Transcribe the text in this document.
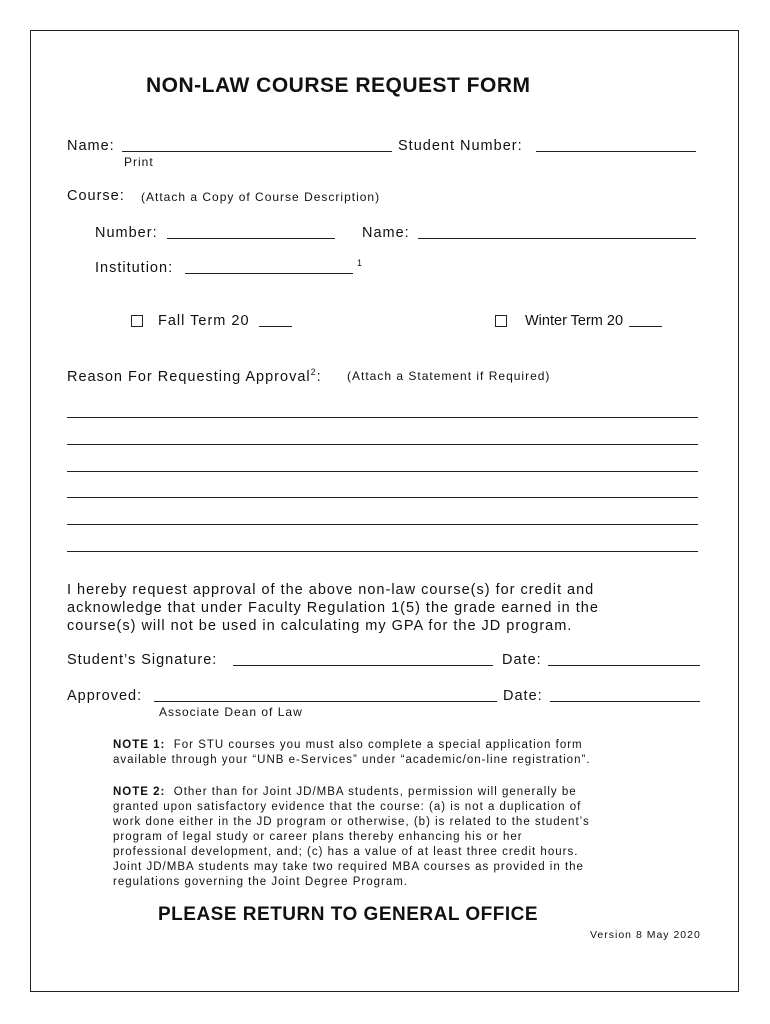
NON-LAW COURSE REQUEST FORM
Name:
Print
Student Number:
Course: (Attach a Copy of Course Description)
Number:	Name:
Institution:	1
Fall Term 20	Winter Term 20
Reason For Requesting Approval$^2$: (Attach a Statement if Required)
I hereby request approval of the above non-law course(s) for credit and
acknowledge that under Faculty Regulation 1(5) the grade earned in the
course(s) will not be used in calculating my GPA for the JD program.
Student’s Signature:	Date:
Approved:
Associate Dean of Law
Date:
NOTE 1: For STU courses you must also complete a special application form
available through your “UNB e-Services” under “academic/on-line registration”.
NOTE 2: Other than for Joint JD/MBA students, permission will generally be
granted upon satisfactory evidence that the course: (a) is not a duplication of
work done either in the JD program or otherwise, (b) is related to the student’s
program of legal study or career plans thereby enhancing his or her
professional development, and; (c) has a value of at least three credit hours.
Joint JD/MBA students may take two required MBA courses as provided in the
regulations governing the Joint Degree Program.
PLEASE RETURN TO GENERAL OFFICE
Version 8 May 2020
